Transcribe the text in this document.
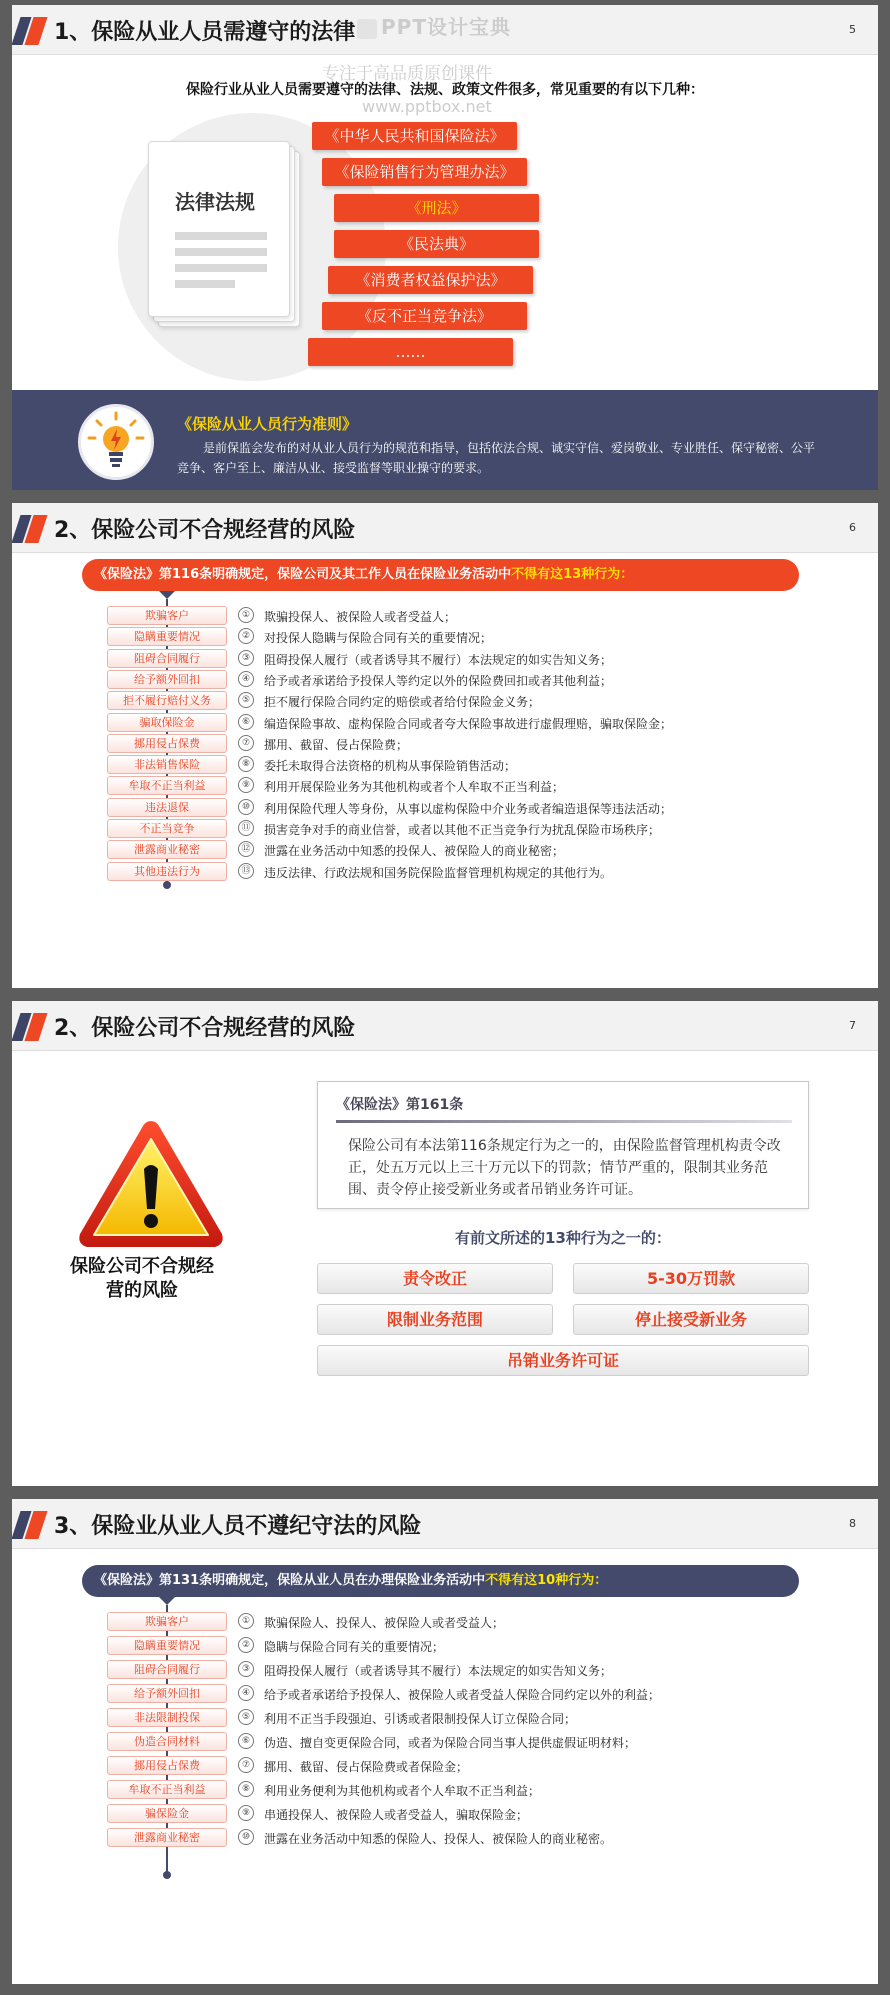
1、保险从业人员需遵守的法律	5
PPT设计宝典
专注于高品质原创课件
www.pptbox.net
保险行业从业人员需要遵守的法律、法规、政策文件很多，常见重要的有以下几种：
法律法规
《中华人民共和国保险法》
《保险销售行为管理办法》
《刑法》
《民法典》
《消费者权益保护法》
《反不正当竞争法》
……
《保险从业人员行为准则》
是前保监会发布的对从业人员行为的规范和指导，包括依法合规、诚实守信、爱岗敬业、专业胜任、保守秘密、公平竞争、客户至上、廉洁从业、接受监督等职业操守的要求。
2、保险公司不合规经营的风险	6
《保险法》第116条明确规定，保险公司及其工作人员在保险业务活动中不得有这13种行为：
欺骗客户	①	欺骗投保人、被保险人或者受益人；
隐瞒重要情况	②	对投保人隐瞒与保险合同有关的重要情况；
阻碍合同履行	③	阻碍投保人履行（或者诱导其不履行）本法规定的如实告知义务；
给予额外回扣	④	给予或者承诺给予投保人等约定以外的保险费回扣或者其他利益；
拒不履行赔付义务	⑤	拒不履行保险合同约定的赔偿或者给付保险金义务；
骗取保险金	⑥	编造保险事故、虚构保险合同或者夸大保险事故进行虚假理赔，骗取保险金；
挪用侵占保费	⑦	挪用、截留、侵占保险费；
非法销售保险	⑧	委托未取得合法资格的机构从事保险销售活动；
牟取不正当利益	⑨	利用开展保险业务为其他机构或者个人牟取不正当利益；
违法退保	⑩	利用保险代理人等身份，从事以虚构保险中介业务或者编造退保等违法活动；
不正当竞争	⑪ 损害竞争对手的商业信誉，或者以其他不正当竞争行为扰乱保险市场秩序；
泄露商业秘密	⑫ 泄露在业务活动中知悉的投保人、被保险人的商业秘密；
其他违法行为	⑬ 违反法律、行政法规和国务院保险监督管理机构规定的其他行为。
2、保险公司不合规经营的风险	7
保险公司不合规经营的风险
《保险法》第161条
保险公司有本法第116条规定行为之一的，由保险监督管理机构责令改正，处五万元以上三十万元以下的罚款；情节严重的，限制其业务范围、责令停止接受新业务或者吊销业务许可证。
有前文所述的13种行为之一的：
责令改正	5-30万罚款
限制业务范围	停止接受新业务
吊销业务许可证
3、保险业从业人员不遵纪守法的风险	8
《保险法》第131条明确规定，保险从业人员在办理保险业务活动中不得有这10种行为：
欺骗客户	①	欺骗保险人、投保人、被保险人或者受益人；
隐瞒重要情况	②	隐瞒与保险合同有关的重要情况；
阻碍合同履行	③	阻碍投保人履行（或者诱导其不履行）本法规定的如实告知义务；
给予额外回扣	④	给予或者承诺给予投保人、被保险人或者受益人保险合同约定以外的利益；
非法限制投保	⑤	利用不正当手段强迫、引诱或者限制投保人订立保险合同；
伪造合同材料	⑥	伪造、擅自变更保险合同，或者为保险合同当事人提供虚假证明材料；
挪用侵占保费	⑦	挪用、截留、侵占保险费或者保险金；
牟取不正当利益	⑧	利用业务便利为其他机构或者个人牟取不正当利益；
骗保险金	⑨	串通投保人、被保险人或者受益人，骗取保险金；
泄露商业秘密	⑩	泄露在业务活动中知悉的保险人、投保人、被保险人的商业秘密。
